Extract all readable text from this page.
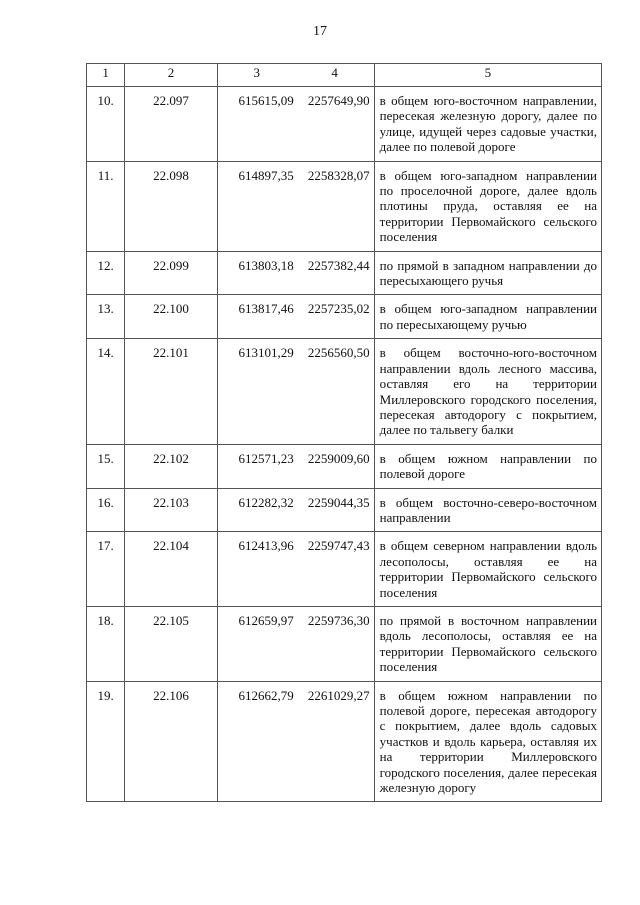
17
1	2	3	4	5
10.	22.097	615615,09	2257649,90	в общем юго-восточном направлении, пересекая железную дорогу, далее по улице, идущей через садовые участки, далее по полевой дороге
11.	22.098	614897,35	2258328,07	в общем юго-западном направлении по проселочной дороге, далее вдоль плотины пруда, оставляя ее на территории Первомайского сельского поселения
12.	22.099	613803,18	2257382,44	по прямой в западном направлении до пересыхающего ручья
13.	22.100	613817,46	2257235,02	в общем юго-западном направлении по пересыхающему ручью
14.	22.101	613101,29	2256560,50	в общем восточно-юго-восточном направлении вдоль лесного массива, оставляя его на территории Миллеровского городского поселения, пересекая автодорогу с покрытием, далее по тальвегу балки
15.	22.102	612571,23	2259009,60	в общем южном направлении по полевой дороге
16.	22.103	612282,32	2259044,35	в общем восточно-северо-восточном направлении
17.	22.104	612413,96	2259747,43	в общем северном направлении вдоль лесополосы, оставляя ее на территории Первомайского сельского поселения
18.	22.105	612659,97	2259736,30	по прямой в восточном направлении вдоль лесополосы, оставляя ее на территории Первомайского сельского поселения
19.	22.106	612662,79	2261029,27	в общем южном направлении по полевой дороге, пересекая автодорогу с покрытием, далее вдоль садовых участков и вдоль карьера, оставляя их на территории Миллеровского городского поселения, далее пересекая железную дорогу
